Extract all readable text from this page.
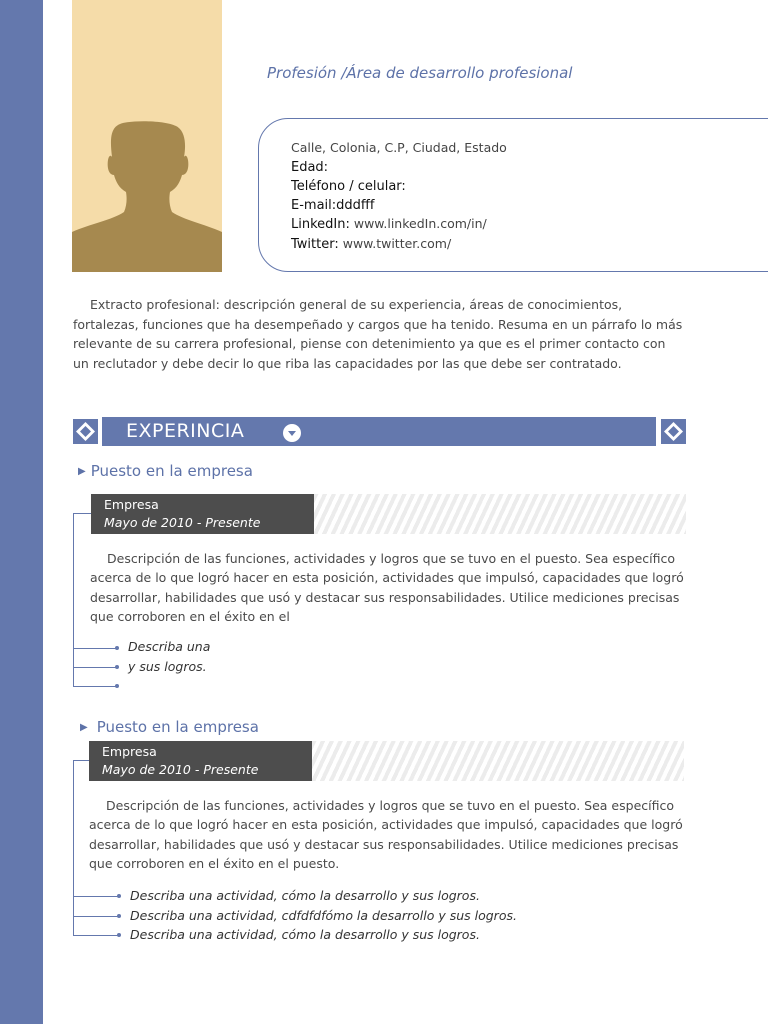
Profesión /Área de desarrollo profesional
Calle, Colonia, C.P, Ciudad, Estado
Edad:
Teléfono / celular:
E-mail:dddfff
LinkedIn: www.linkedIn.com/in/
Twitter: www.twitter.com/

Extracto profesional: descripción general de su experiencia, áreas de conocimientos, fortalezas, funciones que ha desempeñado y cargos que ha tenido. Resuma en un párrafo lo más relevante de su carrera profesional, piense con detenimiento ya que es el primer contacto con un reclutador y debe decir lo que riba las capacidades por las que debe ser contratado.

EXPERINCIA
▶ Puesto en la empresa
Empresa
Mayo de 2010 - Presente

Descripción de las funciones, actividades y logros que se tuvo en el puesto. Sea específico acerca de lo que logró hacer en esta posición, actividades que impulsó, capacidades que logró desarrollar, habilidades que usó y destacar sus responsabilidades. Utilice mediciones precisas que corroboren en el éxito en el

Describa una
y sus logros.
▶ Puesto en la empresa
Empresa
Mayo de 2010 - Presente

Descripción de las funciones, actividades y logros que se tuvo en el puesto. Sea específico acerca de lo que logró hacer en esta posición, actividades que impulsó, capacidades que logró desarrollar, habilidades que usó y destacar sus responsabilidades. Utilice mediciones precisas que corroboren en el éxito en el puesto.

Describa una actividad, cómo la desarrollo y sus logros.
Describa una actividad, cdfdfdfómo la desarrollo y sus logros.
Describa una actividad, cómo la desarrollo y sus logros.
